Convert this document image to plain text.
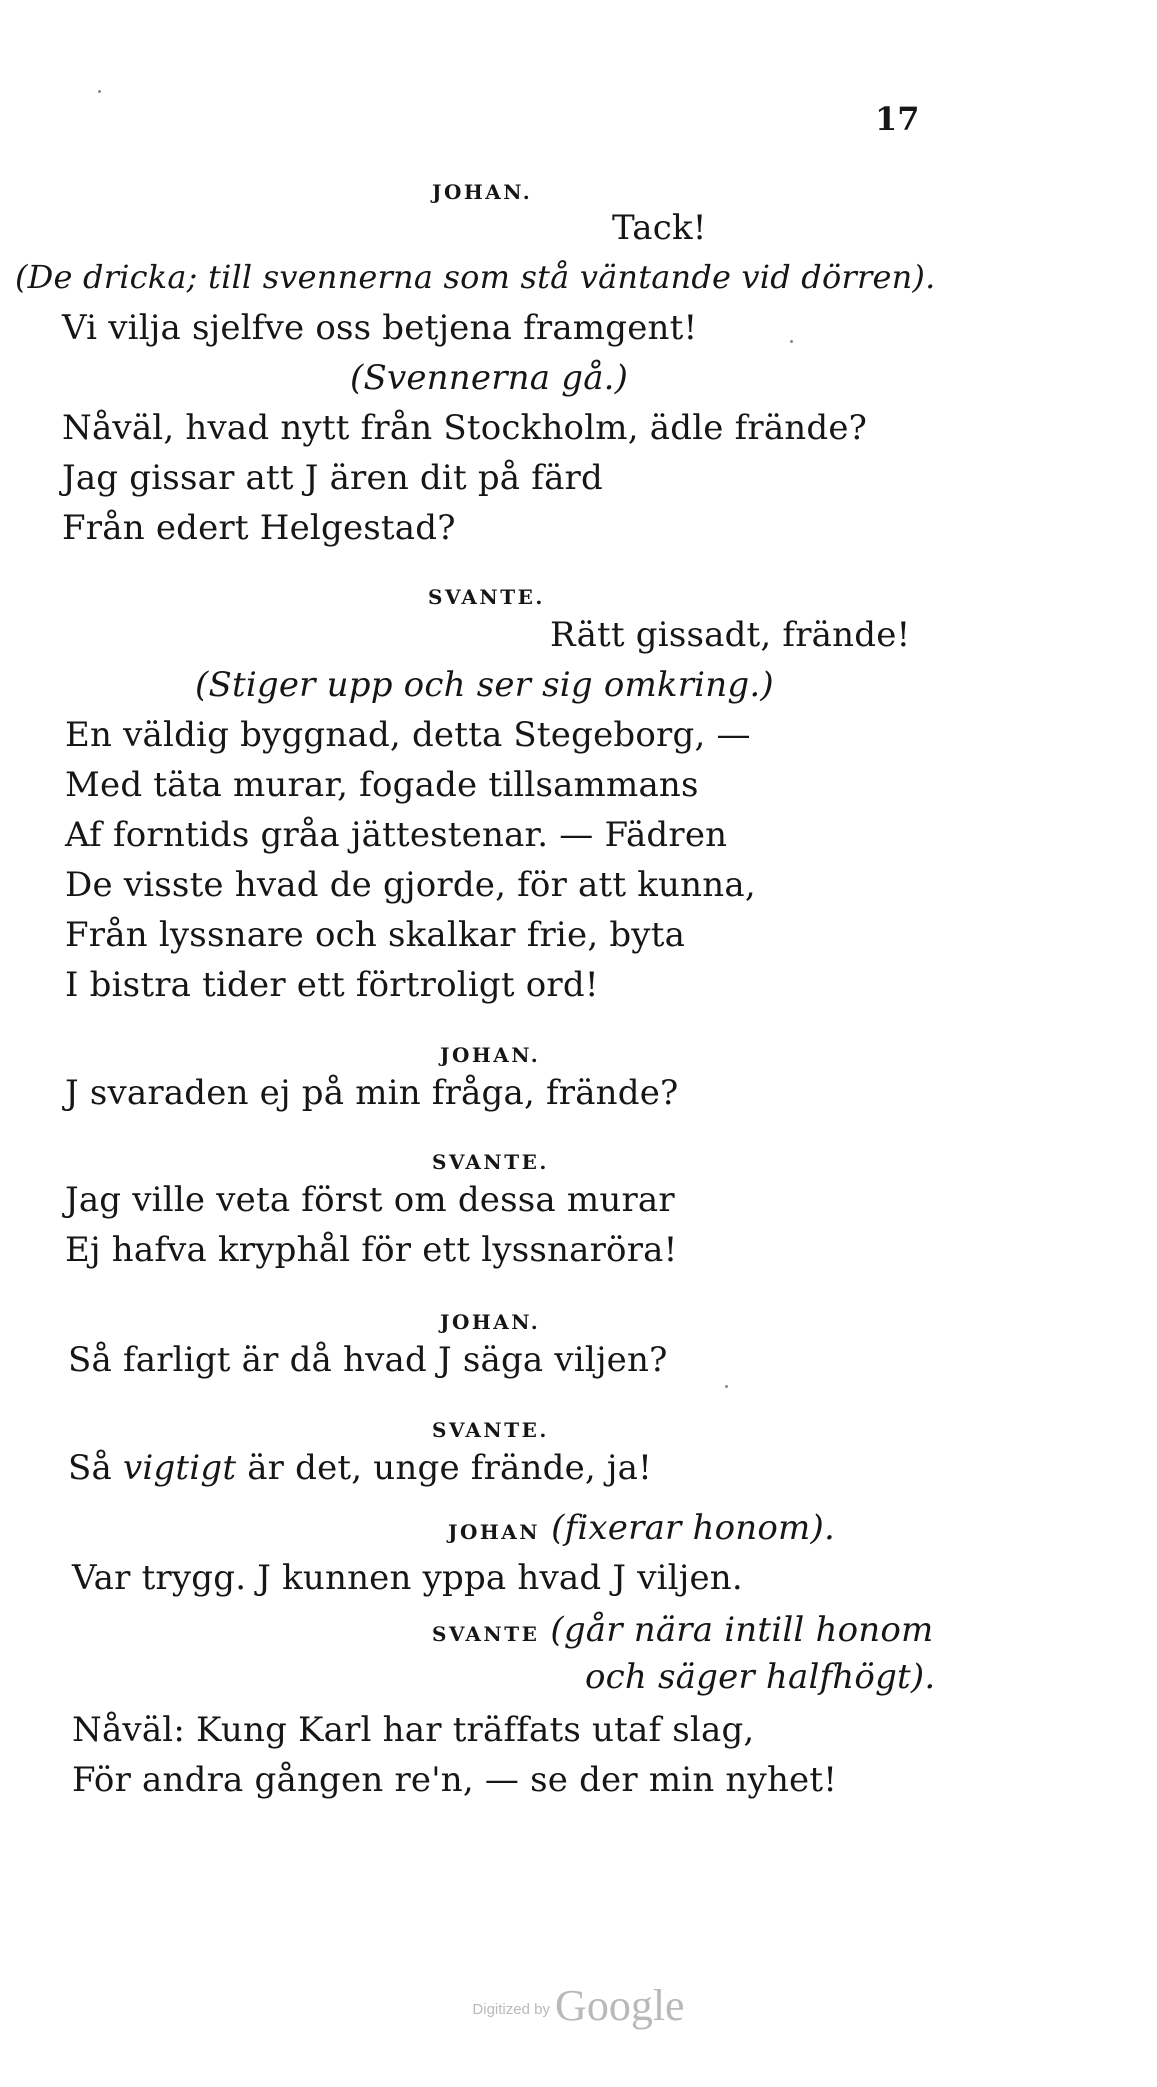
17
JOHAN.
Tack!
(De dricka; till svennerna som stå väntande vid dörren).
Vi vilja sjelfve oss betjena framgent!
(Svennerna gå.)
Nåväl, hvad nytt från Stockholm, ädle frände?
Jag gissar att J ären dit på färd
Från edert Helgestad?
SVANTE.
Rätt gissadt, frände!
(Stiger upp och ser sig omkring.)
En väldig byggnad, detta Stegeborg, —
Med täta murar, fogade tillsammans
Af forntids gråa jättestenar. — Fädren
De visste hvad de gjorde, för att kunna,
Från lyssnare och skalkar frie, byta
I bistra tider ett förtroligt ord!
JOHAN.
J svaraden ej på min fråga, frände?
SVANTE.
Jag ville veta först om dessa murar
Ej hafva kryphål för ett lyssnaröra!
JOHAN.
Så farligt är då hvad J säga viljen?
SVANTE.
Så vigtigt är det, unge frände, ja!
JOHAN (fixerar honom).
Var trygg. J kunnen yppa hvad J viljen.
SVANTE (går nära intill honom
och säger halfhögt).
Nåväl: Kung Karl har träffats utaf slag,
För andra gången re'n, — se der min nyhet!
Digitized by Google
